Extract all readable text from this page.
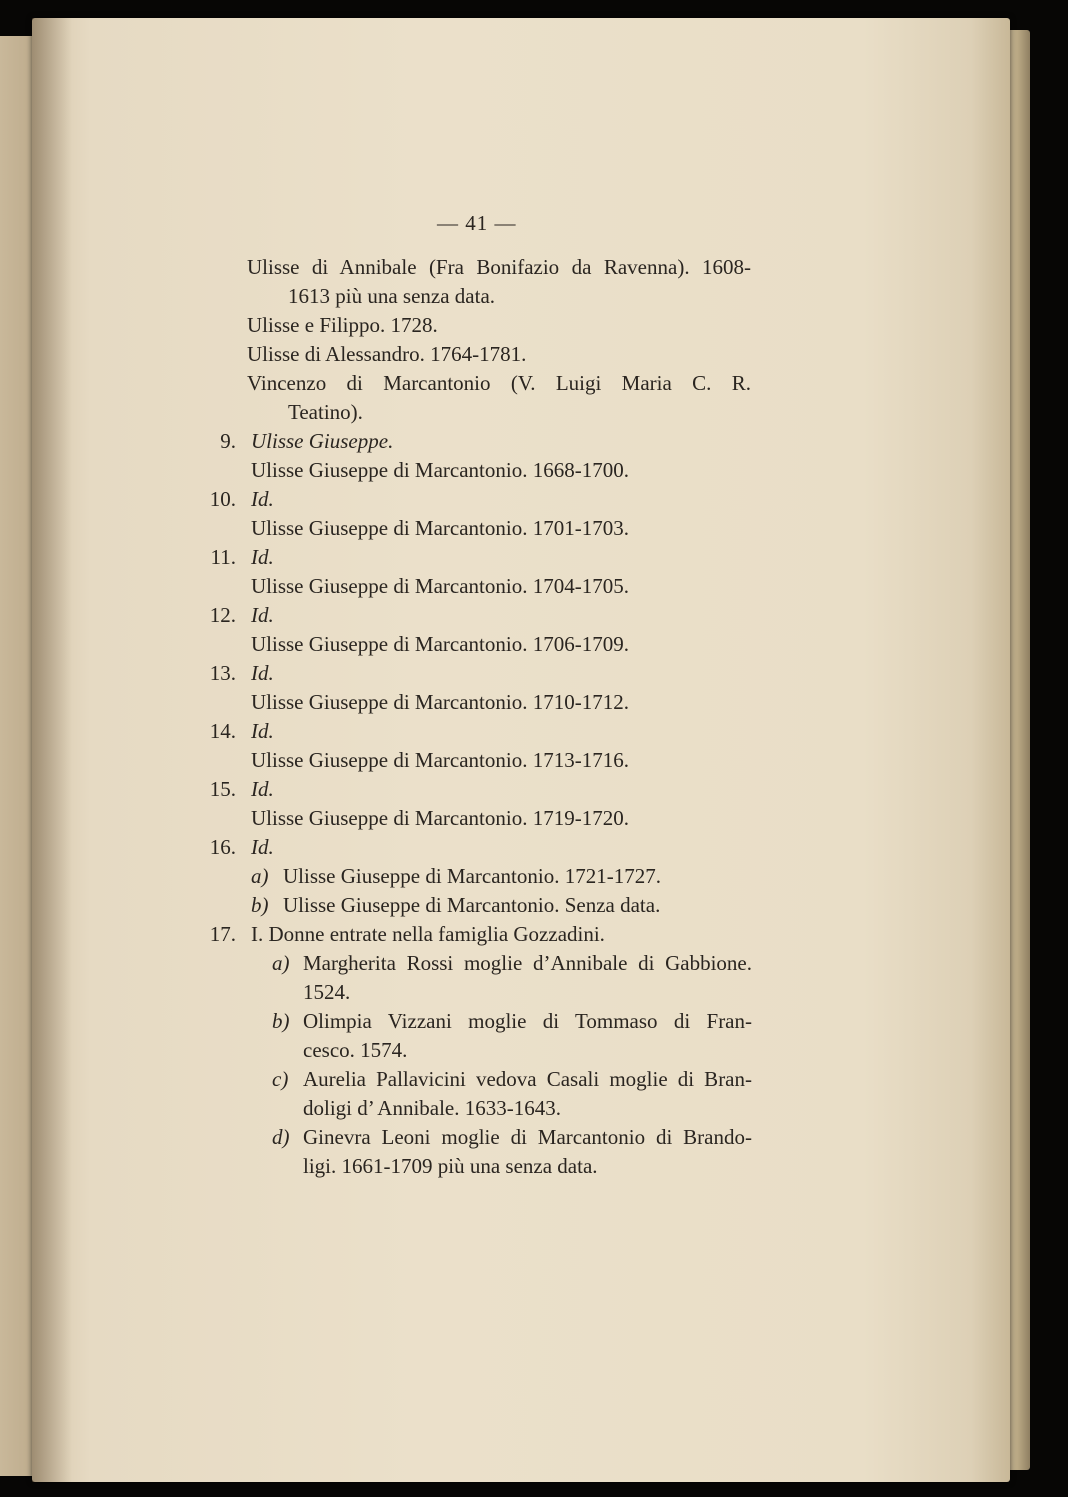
— 41 —
Ulisse di Annibale (Fra Bonifazio da Ravenna). 1608-
1613 più una senza data.
Ulisse e Filippo. 1728.
Ulisse di Alessandro. 1764-1781.
Vincenzo di Marcantonio (V. Luigi Maria C. R.
Teatino).
9. Ulisse Giuseppe.
Ulisse Giuseppe di Marcantonio. 1668-1700.
10. Id.
Ulisse Giuseppe di Marcantonio. 1701-1703.
11. Id.
Ulisse Giuseppe di Marcantonio. 1704-1705.
12. Id.
Ulisse Giuseppe di Marcantonio. 1706-1709.
13. Id.
Ulisse Giuseppe di Marcantonio. 1710-1712.
14. Id.
Ulisse Giuseppe di Marcantonio. 1713-1716.
15. Id.
Ulisse Giuseppe di Marcantonio. 1719-1720.
16. Id.
a) Ulisse Giuseppe di Marcantonio. 1721-1727.
b) Ulisse Giuseppe di Marcantonio. Senza data.
17. I. Donne entrate nella famiglia Gozzadini.
a) Margherita Rossi moglie d’Annibale di Gabbione.
1524.
b) Olimpia Vizzani moglie di Tommaso di Fran-
cesco. 1574.
c) Aurelia Pallavicini vedova Casali moglie di Bran-
doligi d’ Annibale. 1633-1643.
d) Ginevra Leoni moglie di Marcantonio di Brando-
ligi. 1661-1709 più una senza data.
